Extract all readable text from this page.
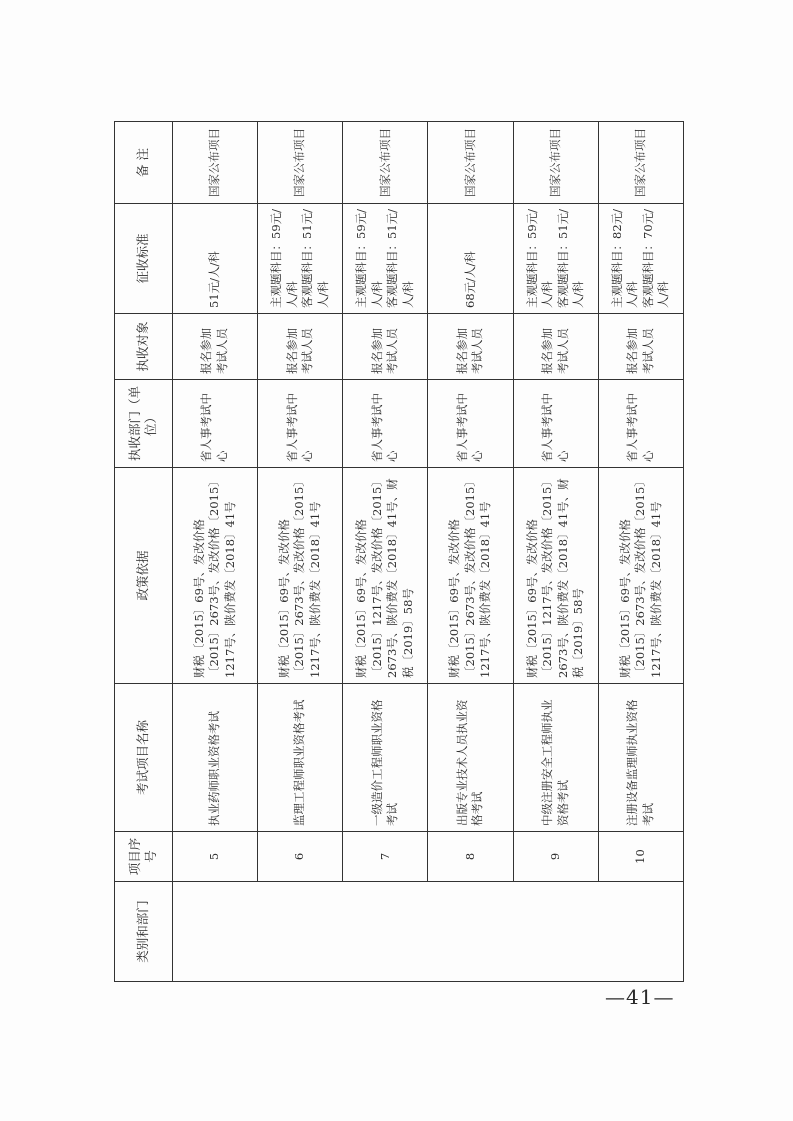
类别和部门	项目序号	考试项目名称	政策依据	执收部门（单位）	执收对象	征收标准	备 注
	5	执业药师职业资格考试	财税〔2015〕69号、发改价格〔2015〕2673号、发改价格〔2015〕1217号、陕价费发〔2018〕41号	省人事考试中心	报名参加考试人员	51元/人/科	国家公布项目
	6	监理工程师职业资格考试	财税〔2015〕69号、发改价格〔2015〕2673号、发改价格〔2015〕1217号、陕价费发〔2018〕41号	省人事考试中心	报名参加考试人员	主观题科目：59元/人/科 客观题科目：51元/人/科	国家公布项目
	7	一级造价工程师职业资格考试	财税〔2015〕69号、发改价格〔2015〕1217号、发改价格〔2015〕2673号、陕价费发〔2018〕41号、财税〔2019〕58号	省人事考试中心	报名参加考试人员	主观题科目：59元/人/科 客观题科目：51元/人/科	国家公布项目
	8	出版专业技术人员执业资格考试	财税〔2015〕69号、发改价格〔2015〕2673号、发改价格〔2015〕1217号、陕价费发〔2018〕41号	省人事考试中心	报名参加考试人员	68元/人/科	国家公布项目
	9	中级注册安全工程师执业资格考试	财税〔2015〕69号、发改价格〔2015〕1217号、发改价格〔2015〕2673号、陕价费发〔2018〕41号、财税〔2019〕58号	省人事考试中心	报名参加考试人员	主观题科目：59元/人/科 客观题科目：51元/人/科	国家公布项目
	10	注册设备监理师执业资格考试	财税〔2015〕69号、发改价格〔2015〕2673号、发改价格〔2015〕1217号、陕价费发〔2018〕41号	省人事考试中心	报名参加考试人员	主观题科目：82元/人/科 客观题科目：70元/人/科	国家公布项目
—41—
